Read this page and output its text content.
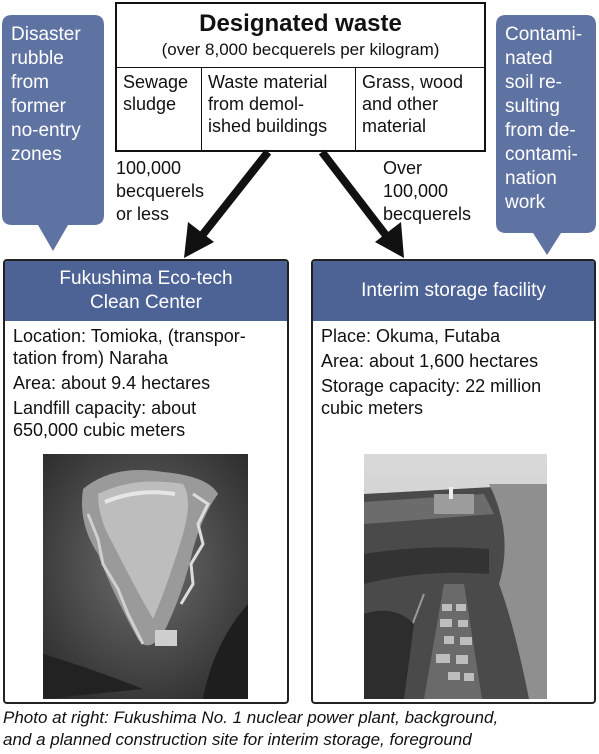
Disaster
rubble
from
former
no-entry
zones
Contami-
nated
soil re-
sulting
from de-
contami-
nation
work
Designated waste
(over 8,000 becquerels per kilogram)
Sewage
sludge
Waste material
from demol-
ished buildings
Grass, wood
and other
material
100,000
becquerels
or less
Over
100,000
becquerels
Fukushima Eco-tech
Clean Center
Location: Tomioka, (transpor-
tation from) Naraha
Area: about 9.4 hectares
Landfill capacity: about
650,000 cubic meters
Interim storage facility
Place: Okuma, Futaba
Area: about 1,600 hectares
Storage capacity: 22 million
cubic meters
Photo at right: Fukushima No. 1 nuclear power plant, background,
and a planned construction site for interim storage, foreground
